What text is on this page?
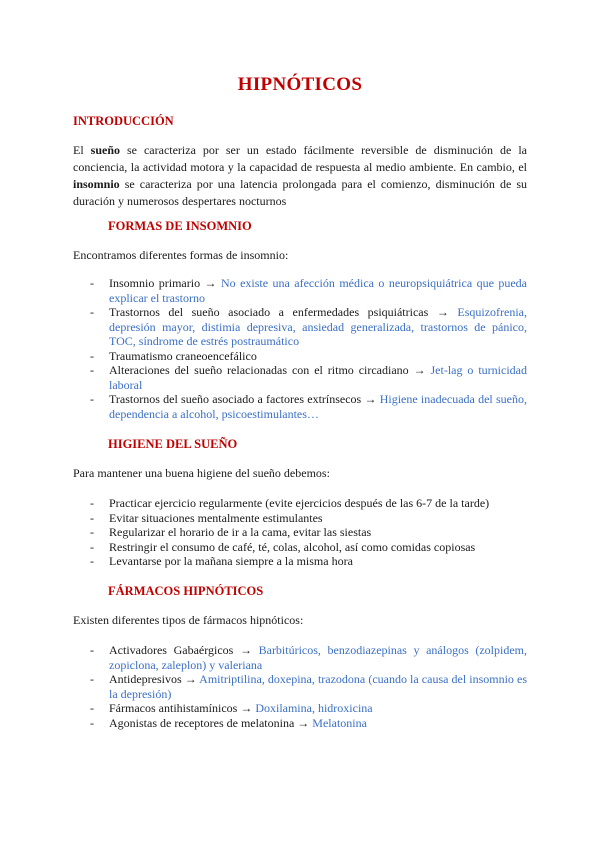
HIPNÓTICOS
INTRODUCCIÓN
El sueño se caracteriza por ser un estado fácilmente reversible de disminución de la conciencia, la actividad motora y la capacidad de respuesta al medio ambiente. En cambio, el insomnio se caracteriza por una latencia prolongada para el comienzo, disminución de su duración y numerosos despertares nocturnos
FORMAS DE INSOMNIO
Encontramos diferentes formas de insomnio:
- Insomnio primario → No existe una afección médica o neuropsiquiátrica que pueda explicar el trastorno
- Trastornos del sueño asociado a enfermedades psiquiátricas → Esquizofrenia, depresión mayor, distimia depresiva, ansiedad generalizada, trastornos de pánico, TOC, síndrome de estrés postraumático
- Traumatismo craneoencefálico
- Alteraciones del sueño relacionadas con el ritmo circadiano → Jet-lag o turnicidad laboral
- Trastornos del sueño asociado a factores extrínsecos → Higiene inadecuada del sueño, dependencia a alcohol, psicoestimulantes…
HIGIENE DEL SUEÑO
Para mantener una buena higiene del sueño debemos:
- Practicar ejercicio regularmente (evite ejercicios después de las 6-7 de la tarde)
- Evitar situaciones mentalmente estimulantes
- Regularizar el horario de ir a la cama, evitar las siestas
- Restringir el consumo de café, té, colas, alcohol, así como comidas copiosas
- Levantarse por la mañana siempre a la misma hora
FÁRMACOS HIPNÓTICOS
Existen diferentes tipos de fármacos hipnóticos:
- Activadores Gabaérgicos → Barbitúricos, benzodiazepinas y análogos (zolpidem, zopiclona, zaleplon) y valeriana
- Antidepresivos → Amitriptilina, doxepina, trazodona (cuando la causa del insomnio es la depresión)
- Fármacos antihistamínicos → Doxilamina, hidroxicina
- Agonistas de receptores de melatonina → Melatonina
